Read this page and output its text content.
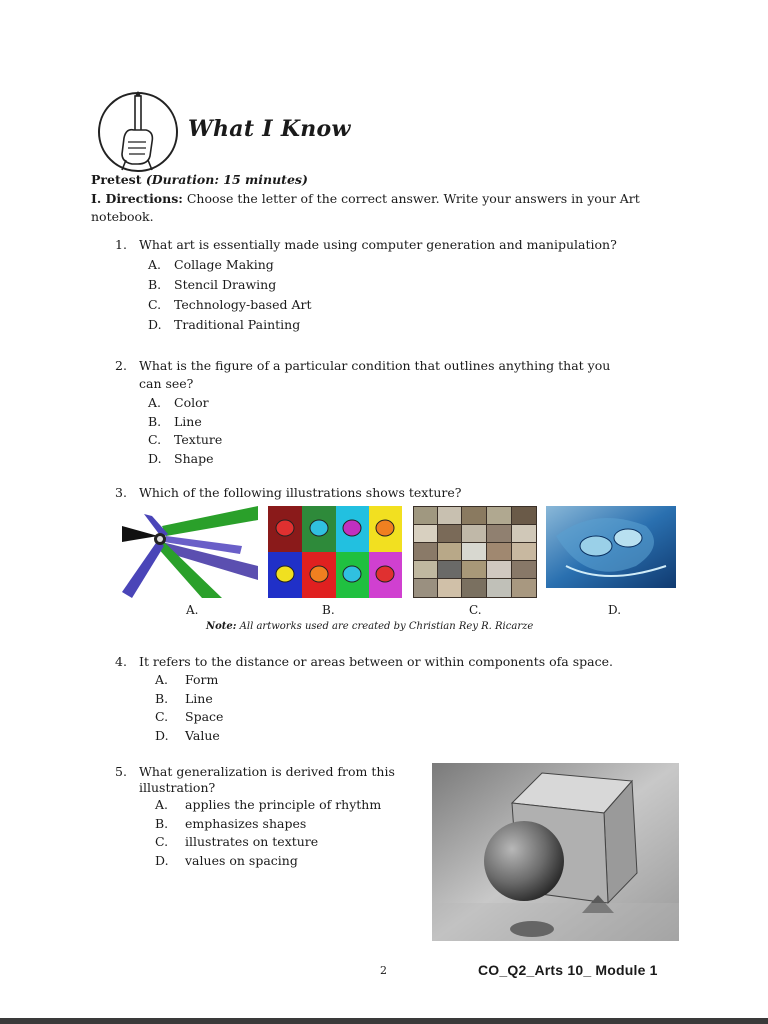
What I Know
Pretest (Duration: 15 minutes)
I. Directions: Choose the letter of the correct answer. Write your answers in your Art notebook.
1. What art is essentially made using computer generation and manipulation?
A. Collage Making
B. Stencil Drawing
C. Technology-based Art
D. Traditional Painting
2. What is the figure of a particular condition that outlines anything that you
can see?
A. Color
B. Line
C. Texture
D. Shape
3. Which of the following illustrations shows texture?
A.	B.	C.	D.
Note: All artworks used are created by Christian Rey R. Ricarze
4. It refers to the distance or areas between or within components ofa space.
A. Form
B. Line
C. Space
D. Value
5. What generalization is derived from this
illustration?
A. applies the principle of rhythm
B. emphasizes shapes
C. illustrates on texture
D. values on spacing
2	CO_Q2_Arts 10_ Module 1
